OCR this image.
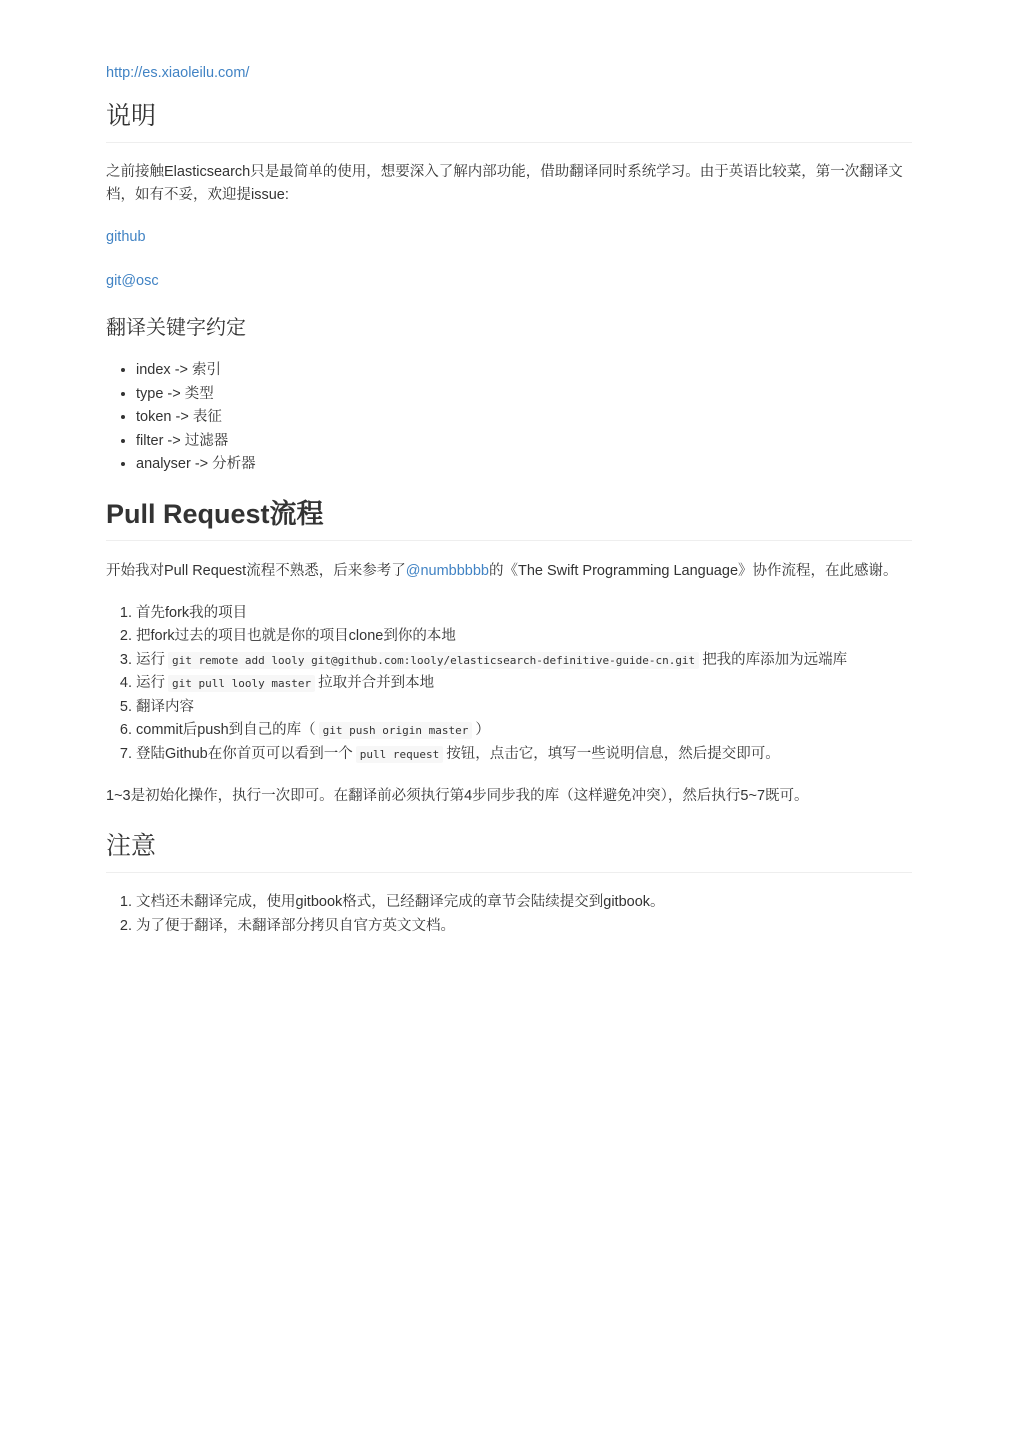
http://es.xiaoleilu.com/

说明

之前接触Elasticsearch只是最简单的使用，想要深入了解内部功能，借助翻译同时系统学习。由于英语比较菜，第一次翻译文档，如有不妥，欢迎提issue:

github

git@osc

翻译关键字约定
• index -> 索引
• type -> 类型
• token -> 表征
• filter -> 过滤器
• analyser -> 分析器
Pull Request流程

开始我对Pull Request流程不熟悉，后来参考了@numbbbbb的《The Swift Programming Language》协作流程，在此感谢。

1. 首先fork我的项目
2. 把fork过去的项目也就是你的项目clone到你的本地
3. 运行 git remote add looly git@github.com:looly/elasticsearch-definitive-guide-cn.git 把我的库添加为远端库
4. 运行 git pull looly master 拉取并合并到本地
5. 翻译内容
6. commit后push到自己的库（ git push origin master ）
7. 登陆Github在你首页可以看到一个 pull request 按钮，点击它，填写一些说明信息，然后提交即可。

1~3是初始化操作，执行一次即可。在翻译前必须执行第4步同步我的库（这样避免冲突），然后执行5~7既可。

注意
1. 文档还未翻译完成，使用gitbook格式，已经翻译完成的章节会陆续提交到gitbook。
2. 为了便于翻译，未翻译部分拷贝自官方英文文档。
